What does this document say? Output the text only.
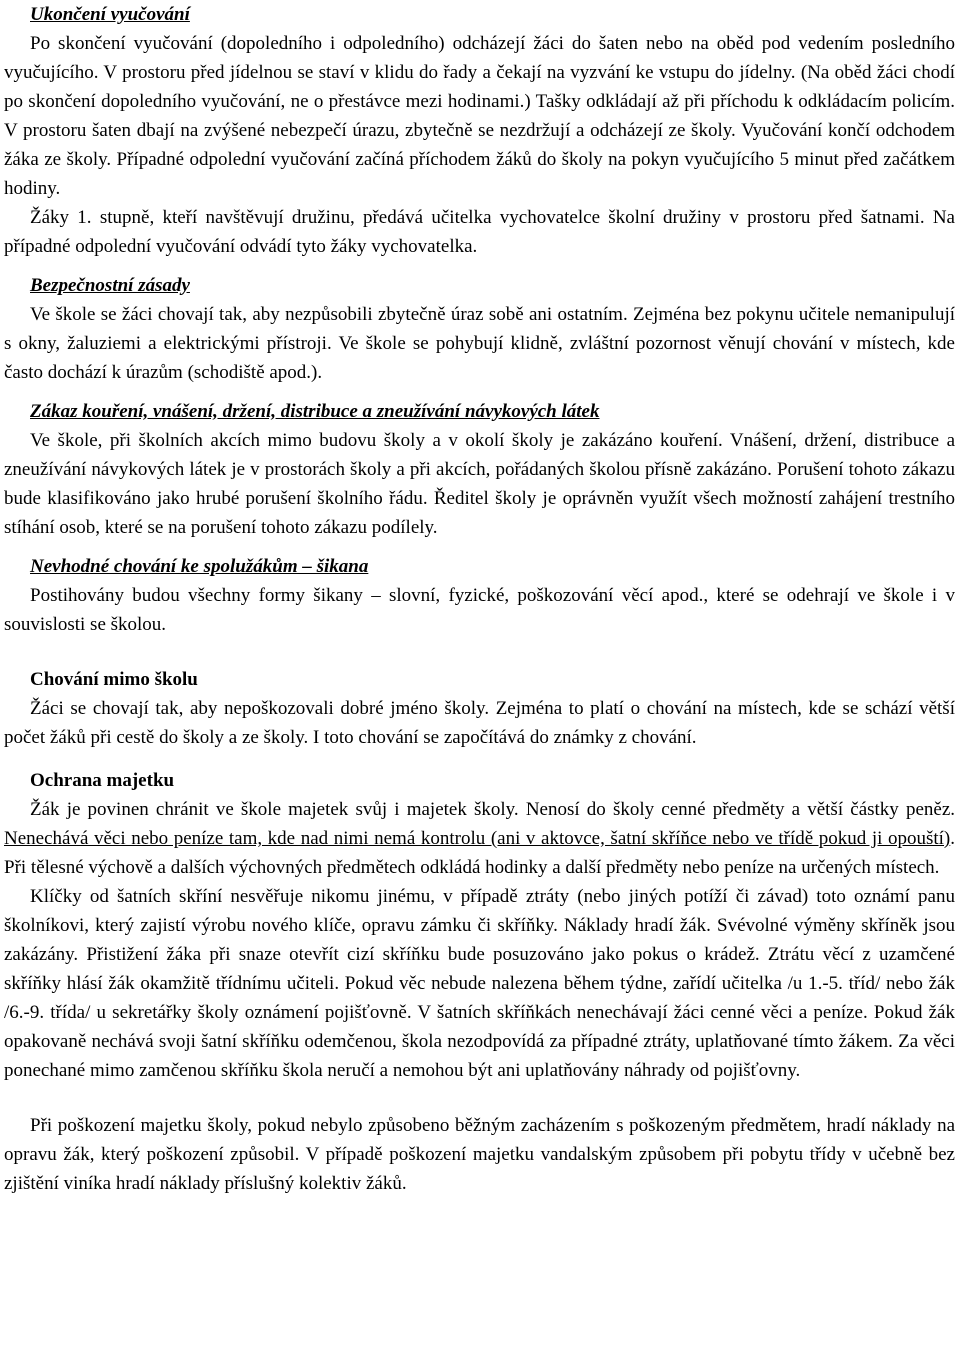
Ukončení vyučování

Po skončení vyučování (dopoledního i odpoledního) odcházejí žáci do šaten nebo na oběd pod vedením posledního vyučujícího. V prostoru před jídelnou se staví v klidu do řady a čekají na vyzvání ke vstupu do jídelny. (Na oběd žáci chodí po skončení dopoledního vyučování, ne o přestávce mezi hodinami.) Tašky odkládají až při příchodu k odkládacím policím. V prostoru šaten dbají na zvýšené nebezpečí úrazu, zbytečně se nezdržují a odcházejí ze školy. Vyučování končí odchodem žáka ze školy. Případné odpolední vyučování začíná příchodem žáků do školy na pokyn vyučujícího 5 minut před začátkem hodiny.

Žáky 1. stupně, kteří navštěvují družinu, předává učitelka vychovatelce školní družiny v prostoru před šatnami. Na případné odpolední vyučování odvádí tyto žáky vychovatelka.

Bezpečnostní zásady

Ve škole se žáci chovají tak, aby nezpůsobili zbytečně úraz sobě ani ostatním. Zejména bez pokynu učitele nemanipulují s okny, žaluziemi a elektrickými přístroji. Ve škole se pohybují klidně, zvláštní pozornost věnují chování v místech, kde často dochází k úrazům (schodiště apod.).

Zákaz kouření, vnášení, držení, distribuce a zneužívání návykových látek

Ve škole, při školních akcích mimo budovu školy a v okolí školy je zakázáno kouření. Vnášení, držení, distribuce a zneužívání návykových látek je v prostorách školy a při akcích, pořádaných školou přísně zakázáno. Porušení tohoto zákazu bude klasifikováno jako hrubé porušení školního řádu. Ředitel školy je oprávněn využít všech možností zahájení trestního stíhání osob, které se na porušení tohoto zákazu podílely.

Nevhodné chování ke spolužákům – šikana

Postihovány budou všechny formy šikany – slovní, fyzické, poškozování věcí apod., které se odehrají ve škole i v souvislosti se školou.

Chování mimo školu

Žáci se chovají tak, aby nepoškozovali dobré jméno školy. Zejména to platí o chování na místech, kde se schází větší počet žáků při cestě do školy a ze školy. I toto chování se započítává do známky z chování.

Ochrana majetku

Žák je povinen chránit ve škole majetek svůj i majetek školy. Nenosí do školy cenné předměty a větší částky peněz. Nenechává věci nebo peníze tam, kde nad nimi nemá kontrolu (ani v aktovce, šatní skříňce nebo ve třídě pokud ji opouští). Při tělesné výchově a dalších výchovných předmětech odkládá hodinky a další předměty nebo peníze na určených místech.

Klíčky od šatních skříní nesvěřuje nikomu jinému, v případě ztráty (nebo jiných potíží či závad) toto oznámí panu školníkovi, který zajistí výrobu nového klíče, opravu zámku či skříňky. Náklady hradí žák. Svévolné výměny skříněk jsou zakázány. Přistižení žáka při snaze otevřít cizí skříňku bude posuzováno jako pokus o krádež. Ztrátu věcí z uzamčené skříňky hlásí žák okamžitě třídnímu učiteli. Pokud věc nebude nalezena během týdne, zařídí učitelka /u 1.-5. tříd/ nebo žák /6.-9. třída/ u sekretářky školy oznámení pojišťovně. V šatních skříňkách nenechávají žáci cenné věci a peníze. Pokud žák opakovaně nechává svoji šatní skříňku odemčenou, škola nezodpovídá za případné ztráty, uplatňované tímto žákem. Za věci ponechané mimo zamčenou skříňku škola neručí a nemohou být ani uplatňovány náhrady od pojišťovny.

Při poškození majetku školy, pokud nebylo způsobeno běžným zacházením s poškozeným předmětem, hradí náklady na opravu žák, který poškození způsobil. V případě poškození majetku vandalským způsobem při pobytu třídy v učebně bez zjištění viníka hradí náklady příslušný kolektiv žáků.
